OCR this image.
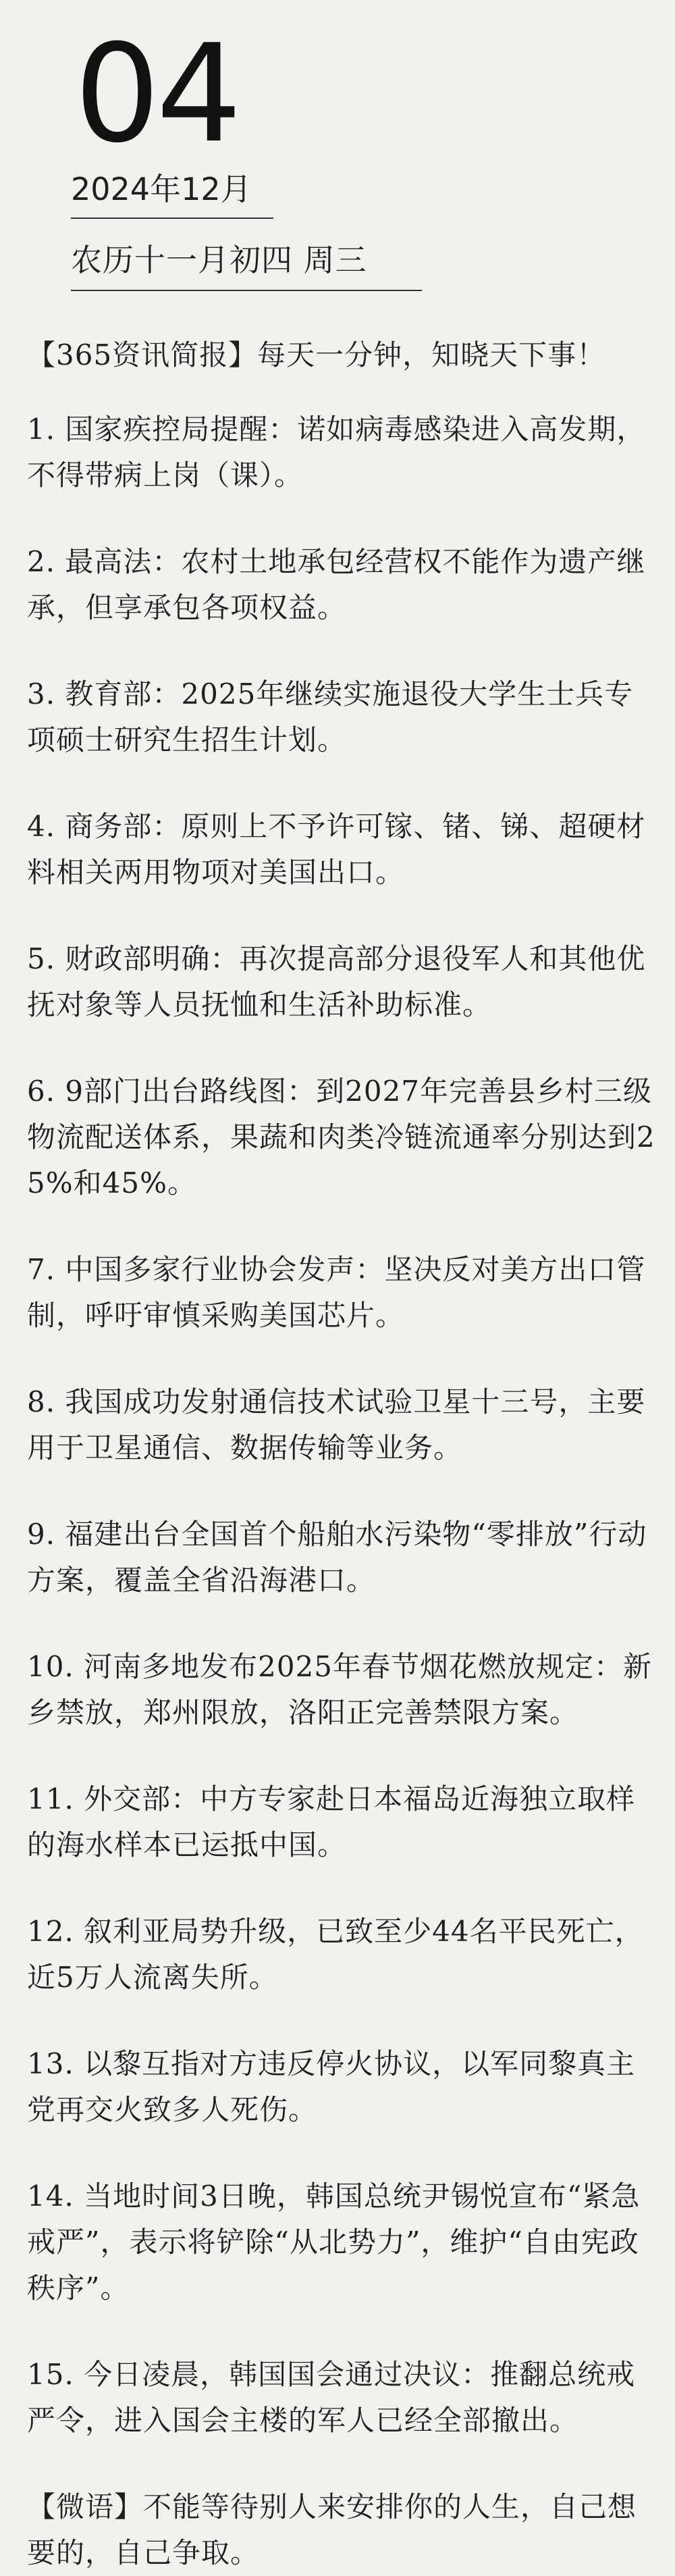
04
2024年12月
农历十一月初四 周三

【365资讯简报】每天一分钟，知晓天下事！

1. 国家疾控局提醒：诺如病毒感染进入高发期，不得带病上岗（课）。

2. 最高法：农村土地承包经营权不能作为遗产继承，但享承包各项权益。

3. 教育部：2025年继续实施退役大学生士兵专项硕士研究生招生计划。

4. 商务部：原则上不予许可镓、锗、锑、超硬材料相关两用物项对美国出口。

5. 财政部明确：再次提高部分退役军人和其他优抚对象等人员抚恤和生活补助标准。

6. 9部门出台路线图：到2027年完善县乡村三级物流配送体系，果蔬和肉类冷链流通率分别达到25%和45%。

7. 中国多家行业协会发声：坚决反对美方出口管制，呼吁审慎采购美国芯片。

8. 我国成功发射通信技术试验卫星十三号，主要用于卫星通信、数据传输等业务。

9. 福建出台全国首个船舶水污染物“零排放”行动方案，覆盖全省沿海港口。

10. 河南多地发布2025年春节烟花燃放规定：新乡禁放，郑州限放，洛阳正完善禁限方案。

11. 外交部：中方专家赴日本福岛近海独立取样的海水样本已运抵中国。

12. 叙利亚局势升级，已致至少44名平民死亡，近5万人流离失所。

13. 以黎互指对方违反停火协议，以军同黎真主党再交火致多人死伤。

14. 当地时间3日晚，韩国总统尹锡悦宣布“紧急戒严”，表示将铲除“从北势力”，维护“自由宪政秩序”。

15. 今日凌晨，韩国国会通过决议：推翻总统戒严令，进入国会主楼的军人已经全部撤出。

【微语】不能等待别人来安排你的人生，自己想要的，自己争取。
